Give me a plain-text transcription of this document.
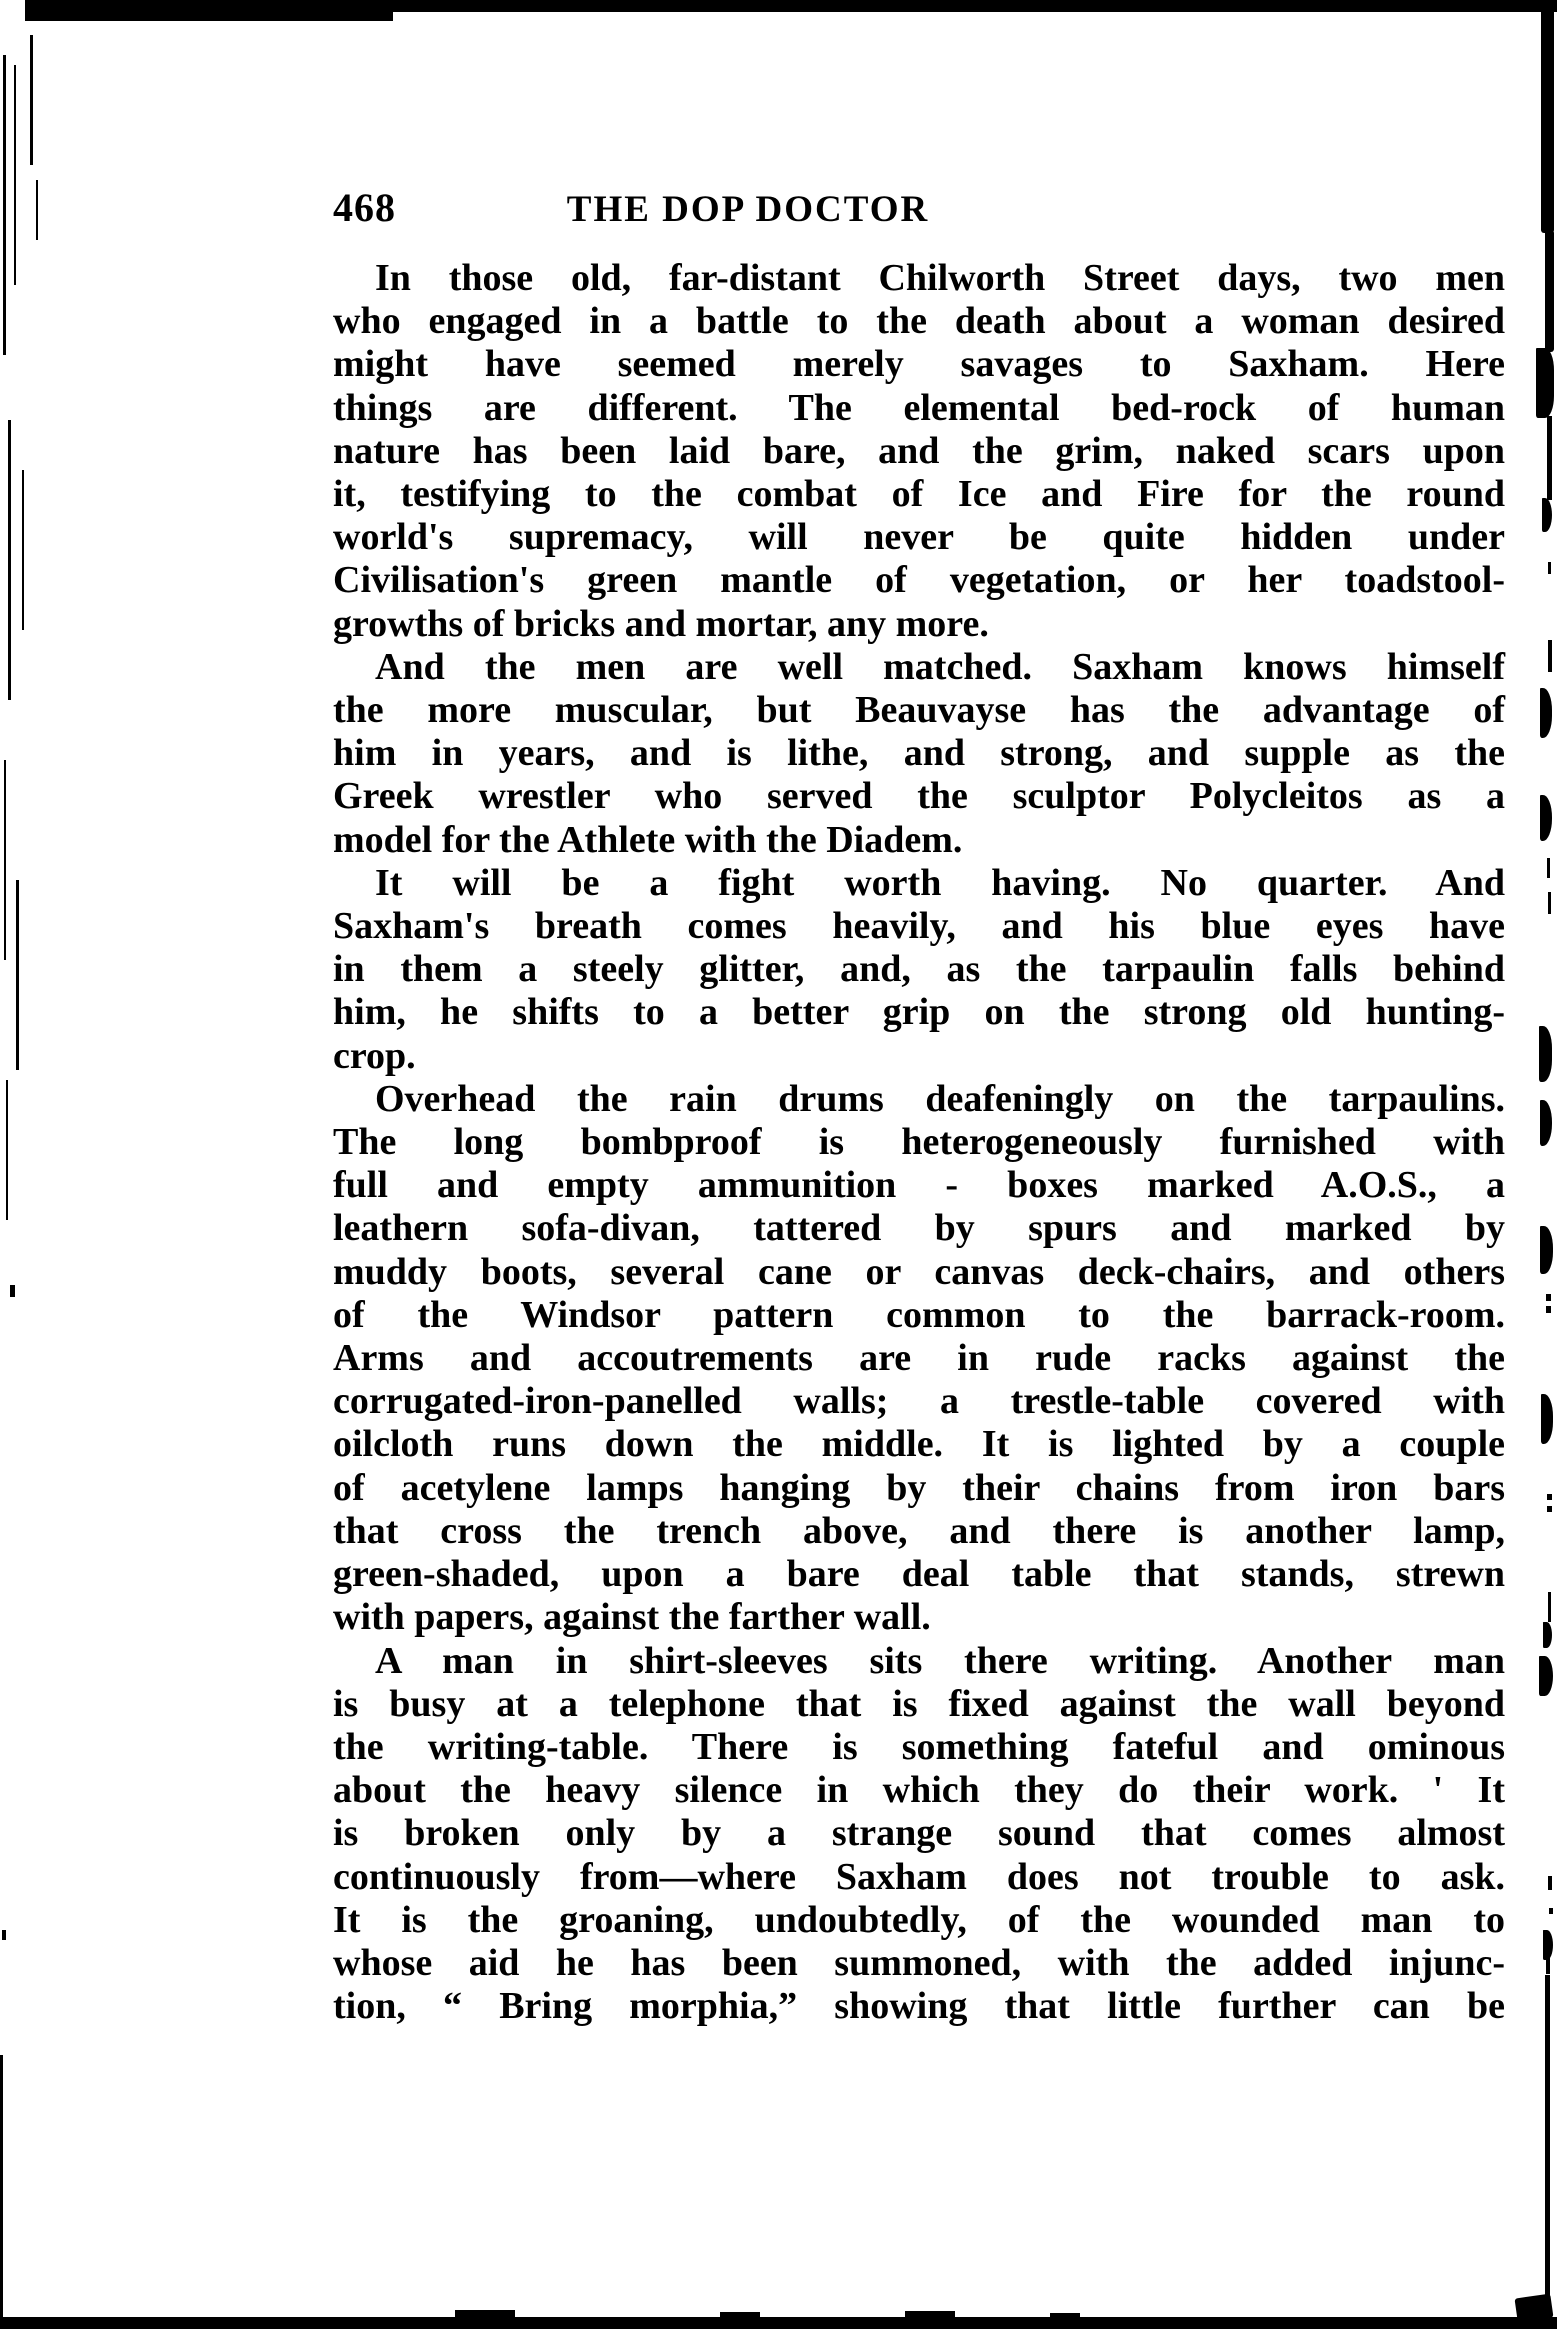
468	THE DOP DOCTOR
In those old, far-distant Chilworth Street days, two men
who engaged in a battle to the death about a woman desired
might have seemed merely savages to Saxham. Here
things are different. The elemental bed-rock of human
nature has been laid bare, and the grim, naked scars upon
it, testifying to the combat of Ice and Fire for the round
world's supremacy, will never be quite hidden under
Civilisation's green mantle of vegetation, or her toadstool-
growths of bricks and mortar, any more.
And the men are well matched. Saxham knows himself
the more muscular, but Beauvayse has the advantage of
him in years, and is lithe, and strong, and supple as the
Greek wrestler who served the sculptor Polycleitos as a
model for the Athlete with the Diadem.
It will be a fight worth having. No quarter. And
Saxham's breath comes heavily, and his blue eyes have
in them a steely glitter, and, as the tarpaulin falls behind
him, he shifts to a better grip on the strong old hunting-
crop.
Overhead the rain drums deafeningly on the tarpaulins.
The long bombproof is heterogeneously furnished with
full and empty ammunition - boxes marked A.O.S., a
leathern sofa-divan, tattered by spurs and marked by
muddy boots, several cane or canvas deck-chairs, and others
of the Windsor pattern common to the barrack-room.
Arms and accoutrements are in rude racks against the
corrugated-iron-panelled walls; a trestle-table covered with
oilcloth runs down the middle. It is lighted by a couple
of acetylene lamps hanging by their chains from iron bars
that cross the trench above, and there is another lamp,
green-shaded, upon a bare deal table that stands, strewn
with papers, against the farther wall.
A man in shirt-sleeves sits there writing. Another man
is busy at a telephone that is fixed against the wall beyond
the writing-table. There is something fateful and ominous
about the heavy silence in which they do their work. ' It
is broken only by a strange sound that comes almost
continuously from—where Saxham does not trouble to ask.
It is the groaning, undoubtedly, of the wounded man to
whose aid he has been summoned, with the added injunc-
tion, “ Bring morphia,” showing that little further can be
